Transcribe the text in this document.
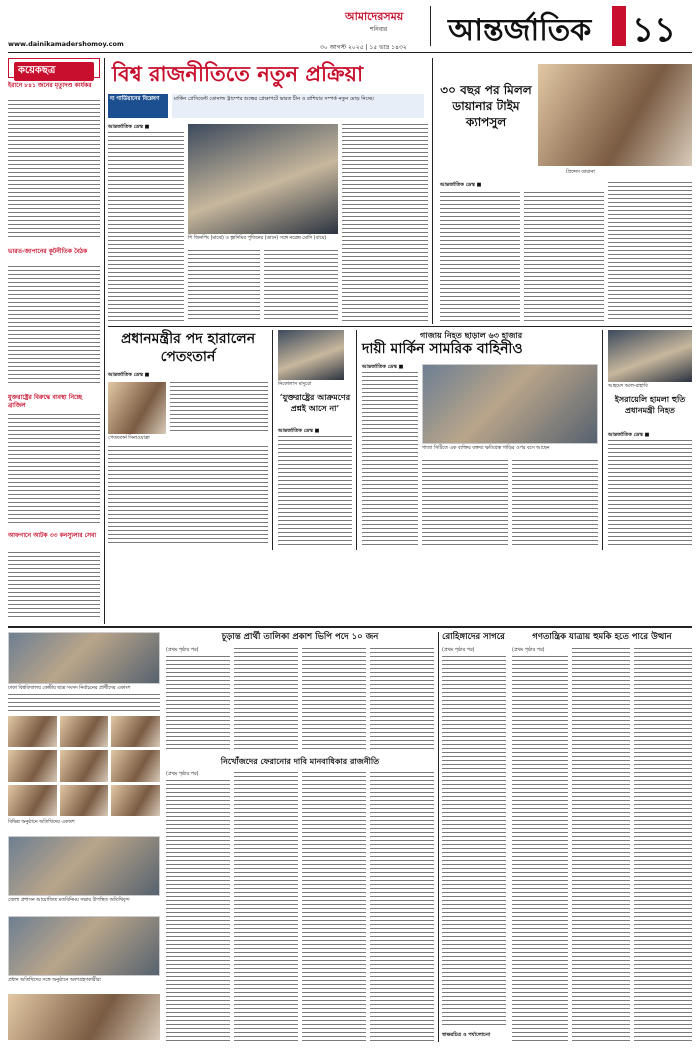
আমাদেরসময়
শনিবার
৩০ আগস্ট ২০২৫ | ১৫ ভাদ্র ১৪৩২ আন্তর্জাতিক ১১
www.dainikamadershomoy.com
কয়েকছত্র
ইরানে ৮৪১ জনের মৃত্যুদণ্ড কার্যকর
ভারত-জাপানের কূটনীতিক বৈঠক
যুক্তরাষ্ট্রের বিরুদ্ধে ব্যবস্থা নিচ্ছে ব্রাজিল
আফগানে আটক ৩৩ কনস্যুলার সেবা
বিশ্ব রাজনীতিতে নতুন প্রক্রিয়া
দ্য গার্ডিয়ানের বিশ্লেষণ	মার্কিন প্রেসিডেন্ট ডোনাল্ড ট্রাম্পের শুল্কের প্রেক্ষাপটে ভারত চীন ও রাশিয়ার সম্পর্ক নতুন মোড় নিচ্ছে।
আন্তর্জাতিক ডেস্ক ■
শি জিনপিং (মাঝে) ও ভ্লাদিমির পুতিনের (ডানে) সঙ্গে নরেন্দ্র মোদি (বামে)
৩০ বছর পর মিলল ডায়ানার টাইম ক্যাপসুল
প্রিন্সেস ডায়ানা
আন্তর্জাতিক ডেস্ক ■
প্রধানমন্ত্রীর পদ হারালেন পেতংতার্ন
আন্তর্জাতিক ডেস্ক ■
পেতংতার্ন সিনাওয়াত্রা
নিকোলাস মাদুরো
‘যুক্তরাষ্ট্রের আক্রমণের প্রশ্নই আসে না’
আন্তর্জাতিক ডেস্ক ■
গাজায় নিহত ছাড়াল ৬৩ হাজার
দায়ী মার্কিন সামরিক বাহিনীও
আন্তর্জাতিক ডেস্ক ■
গাজা সিটিতে এক ব্যক্তির বক্তব্য ক্ষতিগ্রস্ত গাড়ির ওপর বসে আছেন
আহমেদ আল-রাহাবি
ইসরায়েলি হামলা হুতি প্রধানমন্ত্রী নিহত
আন্তর্জাতিক ডেস্ক ■
ঢাকা বিশ্ববিদ্যালয় কেন্দ্রীয় ছাত্র সংসদ নির্বাচনের প্রার্থীদের একাংশ
বিভিন্ন অনুষ্ঠানে অতিথিদের একাংশ
জেলা প্রশাসন আয়োজিত মতবিনিময় সভায় উপস্থিত অতিথিবৃন্দ
প্রধান অতিথিদের সঙ্গে অনুষ্ঠানে অংশগ্রহণকারীরা
চূড়ান্ত প্রার্থী তালিকা প্রকাশ ভিপি পদে ১০ জন
(প্রথম পৃষ্ঠার পর)
নিখোঁজদের ফেরানোর দাবি মানবাধিকার রাজনীতি
(প্রথম পৃষ্ঠার পর)
রোহিঙ্গাদের সাগরে
(প্রথম পৃষ্ঠার পর)
স্বাক্ষরচিত্র ও পর্যালোচনা
গণতান্ত্রিক যাত্রায় হুমকি হতে পারে উত্থান
(প্রথম পৃষ্ঠার পর)
